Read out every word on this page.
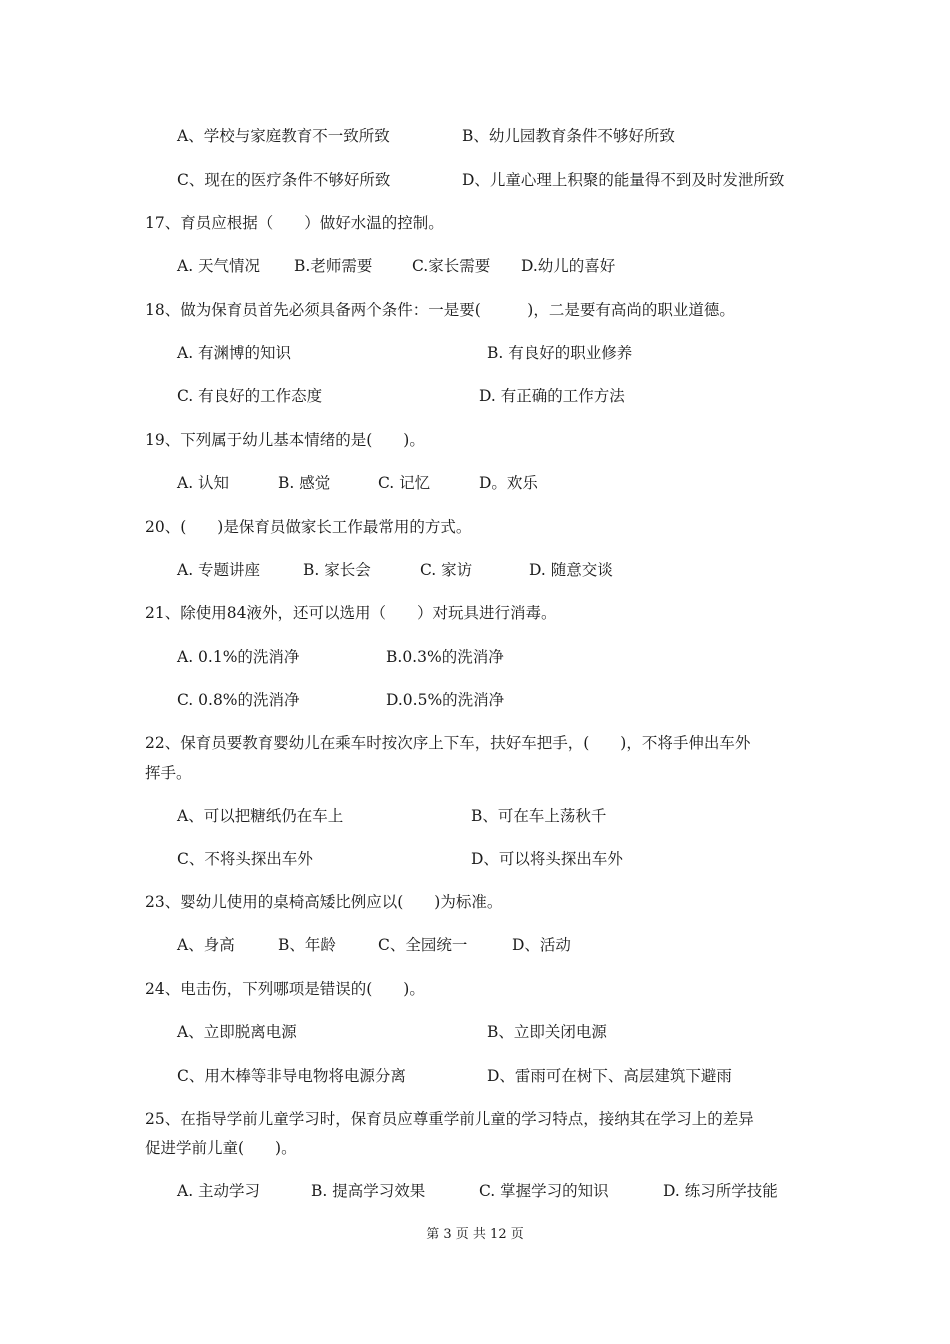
A、学校与家庭教育不一致所致	B、幼儿园教育条件不够好所致
C、现在的医疗条件不够好所致	D、儿童心理上积聚的能量得不到及时发泄所致
17、育员应根据（　　）做好水温的控制。
A. 天气情况 B.老师需要	C.家长需要 D.幼儿的喜好
18、做为保育员首先必须具备两个条件：一是要(　　　)，二是要有高尚的职业道德。
A. 有渊博的知识	B. 有良好的职业修养
C. 有良好的工作态度	D. 有正确的工作方法
19、下列属于幼儿基本情绪的是(　　)。
A. 认知	B. 感觉	C. 记忆	D。欢乐
20、(　　)是保育员做家长工作最常用的方式。
A. 专题讲座	B. 家长会	C. 家访	D. 随意交谈
21、除使用84液外，还可以选用（　　）对玩具进行消毒。
A. 0.1%的洗消净	B.0.3%的洗消净
C. 0.8%的洗消净	D.0.5%的洗消净
22、保育员要教育婴幼儿在乘车时按次序上下车，扶好车把手，(　　)，不将手伸出车外
挥手。
A、可以把糖纸仍在车上	B、可在车上荡秋千
C、不将头探出车外	D、可以将头探出车外
23、婴幼儿使用的桌椅高矮比例应以(　　)为标准。
A、身高	B、年龄	C、全园统一	D、活动
24、电击伤，下列哪项是错误的(　　)。
A、立即脱离电源	B、立即关闭电源
C、用木棒等非导电物将电源分离	D、雷雨可在树下、高层建筑下避雨
25、在指导学前儿童学习时，保育员应尊重学前儿童的学习特点，接纳其在学习上的差异
促进学前儿童(　　)。
A. 主动学习	B. 提高学习效果	C. 掌握学习的知识	D. 练习所学技能
第 3 页 共 12 页
